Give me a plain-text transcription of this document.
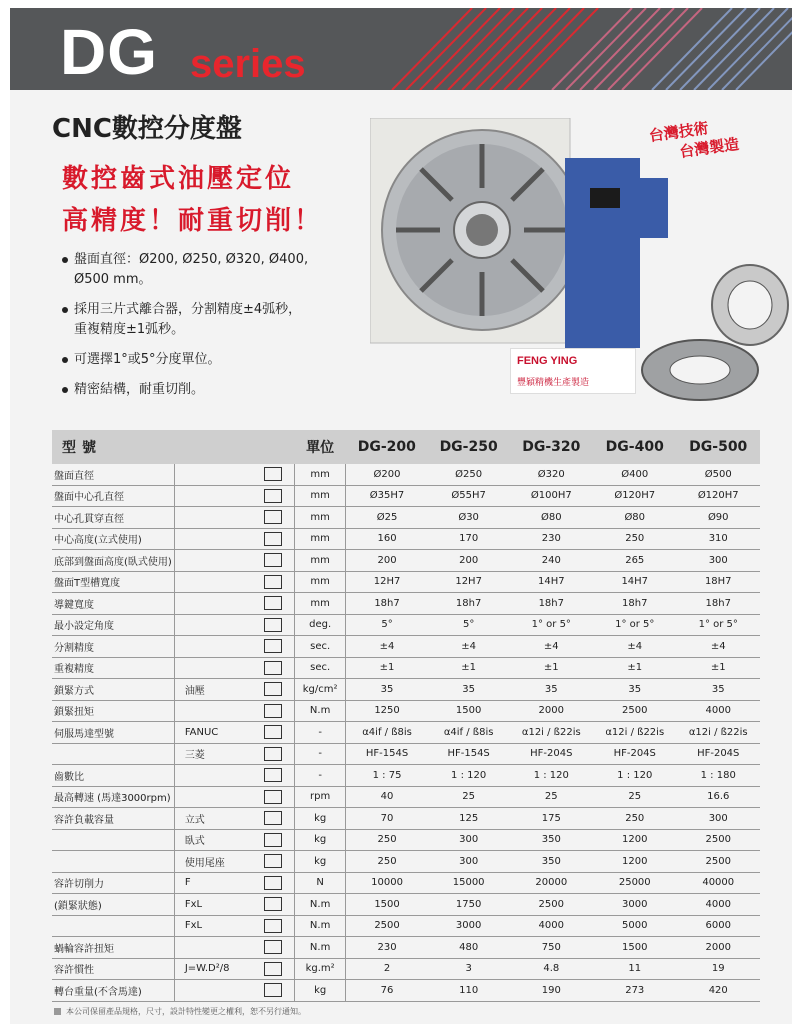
DG series
CNC數控分度盤
數控齒式油壓定位
高精度！耐重切削！
盤面直徑：Ø200, Ø250, Ø320, Ø400,
Ø500 mm。
採用三片式離合器，分割精度±4弧秒，
重複精度±1弧秒。
可選擇1°或5°分度單位。
精密結構，耐重切削。
台灣技術
台灣製造
FENG YING
豐穎精機生產製造
型號			單位	DG-200	DG-250	DG-320	DG-400	DG-500
盤面直徑			mm	Ø200	Ø250	Ø320	Ø400	Ø500
盤面中心孔直徑			mm	Ø35H7	Ø55H7	Ø100H7	Ø120H7	Ø120H7
中心孔貫穿直徑			mm	Ø25	Ø30	Ø80	Ø80	Ø90
中心高度(立式使用)			mm	160	170	230	250	310
底部到盤面高度(臥式使用)			mm	200	200	240	265	300
盤面T型槽寬度			mm	12H7	12H7	14H7	14H7	18H7
導鍵寬度			mm	18h7	18h7	18h7	18h7	18h7
最小設定角度			deg.	5°	5°	1° or 5°	1° or 5°	1° or 5°
分割精度			sec.	±4	±4	±4	±4	±4
重複精度			sec.	±1	±1	±1	±1	±1
鎖緊方式	油壓		kg/cm²	35	35	35	35	35
鎖緊扭矩			N.m	1250	1500	2000	2500	4000
伺服馬達型號	FANUC		-	α4if / ß8is	α4if / ß8is	α12i / ß22is	α12i / ß22is	α12i / ß22is
	三菱		-	HF-154S	HF-154S	HF-204S	HF-204S	HF-204S
齒數比			-	1 : 75	1 : 120	1 : 120	1 : 120	1 : 180
最高轉速 (馬達3000rpm)			rpm	40	25	25	25	16.6
容許負載容量	立式		kg	70	125	175	250	300
	臥式		kg	250	300	350	1200	2500
	使用尾座		kg	250	300	350	1200	2500
容許切削力	F		N	10000	15000	20000	25000	40000
(鎖緊狀態)	FxL		N.m	1500	1750	2500	3000	4000
	FxL		N.m	2500	3000	4000	5000	6000
蝸輪容許扭矩			N.m	230	480	750	1500	2000
容許慣性	J=W.D²/8		kg.m²	2	3	4.8	11	19
轉台重量(不含馬達)			kg	76	110	190	273	420
本公司保留產品規格，尺寸，設計特性變更之權利，恕不另行通知。
